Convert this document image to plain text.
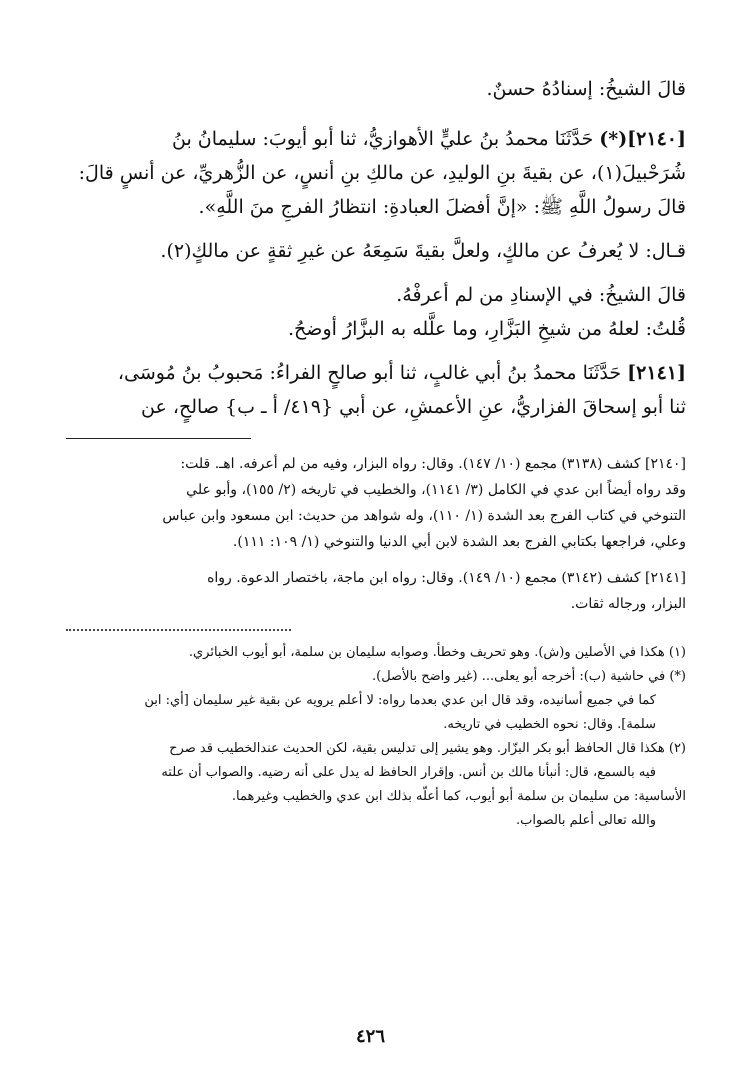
قالَ الشيخُ: إسنادُهُ حسنٌ.

[٢١٤٠](*) حَدَّثَنَا محمدُ بنُ عليٍّ الأهوازيُّ، ثنا أبو أيوبَ: سليمانُ بنُ

شُرَحْبيلَ(١)، عن بقيةَ بنِ الوليدِ، عن مالكِ بنِ أنسٍ، عن الزُّهريِّ، عن أنسٍ قالَ:

قالَ رسولُ اللَّهِ ﷺ: «إنَّ أفضلَ العبادةِ: انتظارُ الفرجِ منَ اللَّهِ».

قـال: لا يُعرفُ عن مالكٍ، ولعلَّ بقيةَ سَمِعَهُ عن غيرِ ثقةٍ عن مالكٍ(٢).

قالَ الشيخُ: في الإسنادِ من لم أعرفْهُ.

قُلتُ: لعلهُ من شيخِ البَزَّارِ، وما علَّله به البزَّارُ أوضحُ.

[٢١٤١] حَدَّثَنَا محمدُ بنُ أبي غالبٍ، ثنا أبو صالحٍ الفراءُ: مَحبوبُ بنُ مُوسَى،

ثنا أبو إسحاقَ الفزاريُّ، عنِ الأعمشِ، عن أبي {٤١٩/ أ ـ ب} صالحٍ، عن

[٢١٤٠] كشف (٣١٣٨) مجمع (١٠/ ١٤٧). وقال: رواه البزار، وفيه من لم أعرفه. اهـ. قلت:

وقد رواه أيضاً ابن عدي في الكامل (٣/ ١١٤١)، والخطيب في تاريخه (٢/ ١٥٥)، وأبو علي

التنوخي في كتاب الفرج بعد الشدة (١/ ١١٠)، وله شواهد من حديث: ابن مسعود وابن عباس

وعلي، فراجعها بكتابي الفرج بعد الشدة لابن أبي الدنيا والتنوخي (١/ ١٠٩: ١١١).

[٢١٤١] كشف (٣١٤٢) مجمع (١٠/ ١٤٩). وقال: رواه ابن ماجة، باختصار الدعوة. رواه

البزار، ورجاله ثقات.

(١) هكذا في الأصلين و(ش). وهو تحريف وخطأ. وصوابه سليمان بن سلمة، أبو أيوب الخبائري.

(*) في حاشية (ب): أخرجه أبو يعلى... (غير واضح بالأصل).

كما في جميع أسانيده، وقد قال ابن عدي بعدما رواه: لا أعلم يرويه عن بقية غير سليمان [أي: ابن

سلمة]. وقال: نحوه الخطيب في تاريخه.

(٢) هكذا قال الحافظ أبو بكر البزّار. وهو يشير إلى تدليس بقية، لكن الحديث عندالخطيب قد صرح

فيه بالسمع، قال: أنبأنا مالك بن أنس. وإقرار الحافظ له يدل على أنه رضيه. والصواب أن علته

الأساسية: من سليمان بن سلمة أبو أيوب، كما أعلّه بذلك ابن عدي والخطيب وغيرهما.

والله تعالى أعلم بالصواب.

٤٢٦
